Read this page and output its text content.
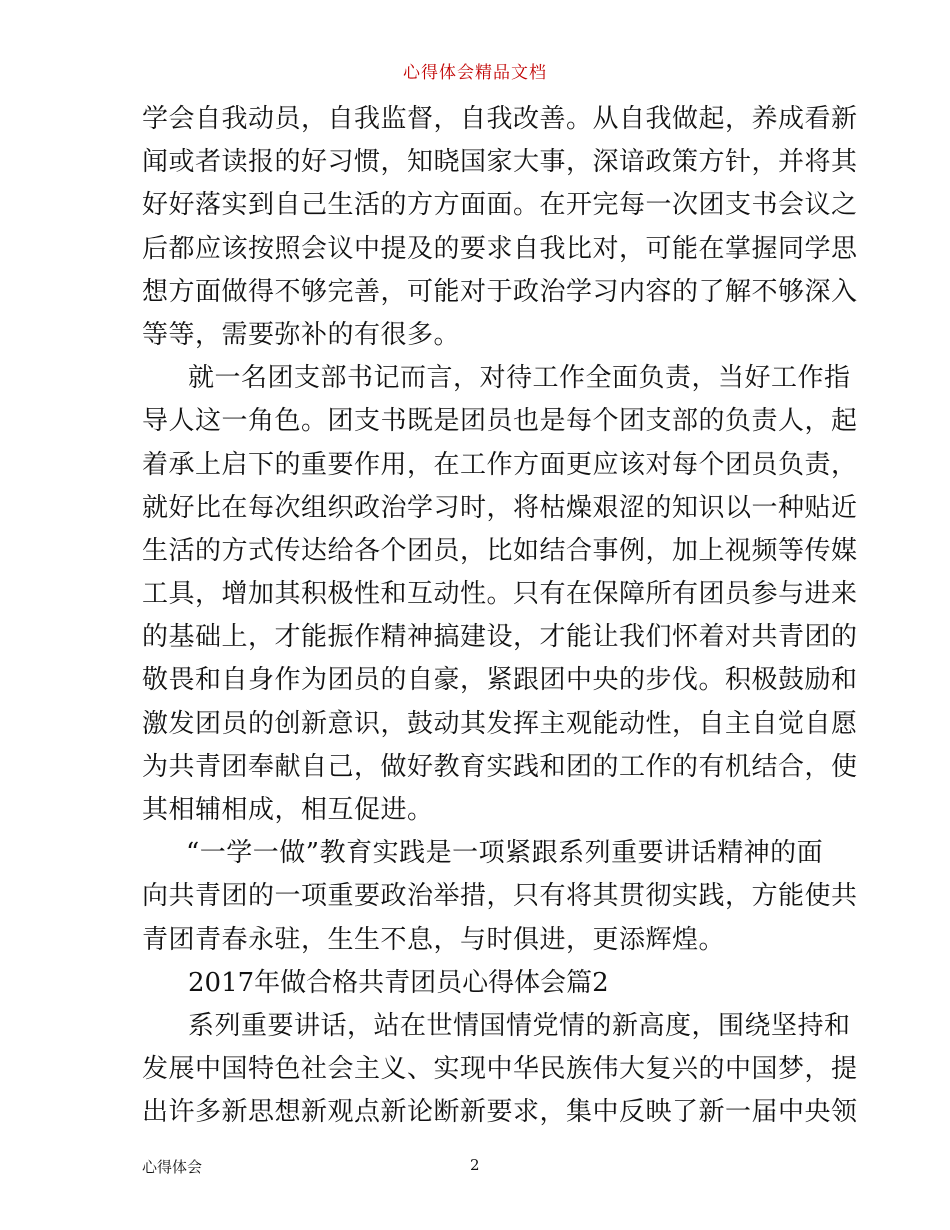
心得体会精品文档
学会自我动员，自我监督，自我改善。从自我做起，养成看新
闻或者读报的好习惯，知晓国家大事，深谙政策方针，并将其
好好落实到自己生活的方方面面。在开完每一次团支书会议之
后都应该按照会议中提及的要求自我比对，可能在掌握同学思
想方面做得不够完善，可能对于政治学习内容的了解不够深入
等等，需要弥补的有很多。
就一名团支部书记而言，对待工作全面负责，当好工作指
导人这一角色。团支书既是团员也是每个团支部的负责人，起
着承上启下的重要作用，在工作方面更应该对每个团员负责，
就好比在每次组织政治学习时，将枯燥艰涩的知识以一种贴近
生活的方式传达给各个团员，比如结合事例，加上视频等传媒
工具，增加其积极性和互动性。只有在保障所有团员参与进来
的基础上，才能振作精神搞建设，才能让我们怀着对共青团的
敬畏和自身作为团员的自豪，紧跟团中央的步伐。积极鼓励和
激发团员的创新意识，鼓动其发挥主观能动性，自主自觉自愿
为共青团奉献自己，做好教育实践和团的工作的有机结合，使
其相辅相成，相互促进。
“一学一做”教育实践是一项紧跟系列重要讲话精神的面
向共青团的一项重要政治举措，只有将其贯彻实践，方能使共
青团青春永驻，生生不息，与时俱进，更添辉煌。
2017年做合格共青团员心得体会篇2
系列重要讲话，站在世情国情党情的新高度，围绕坚持和
发展中国特色社会主义、实现中华民族伟大复兴的中国梦，提
出许多新思想新观点新论断新要求，集中反映了新一届中央领
心得体会	2
